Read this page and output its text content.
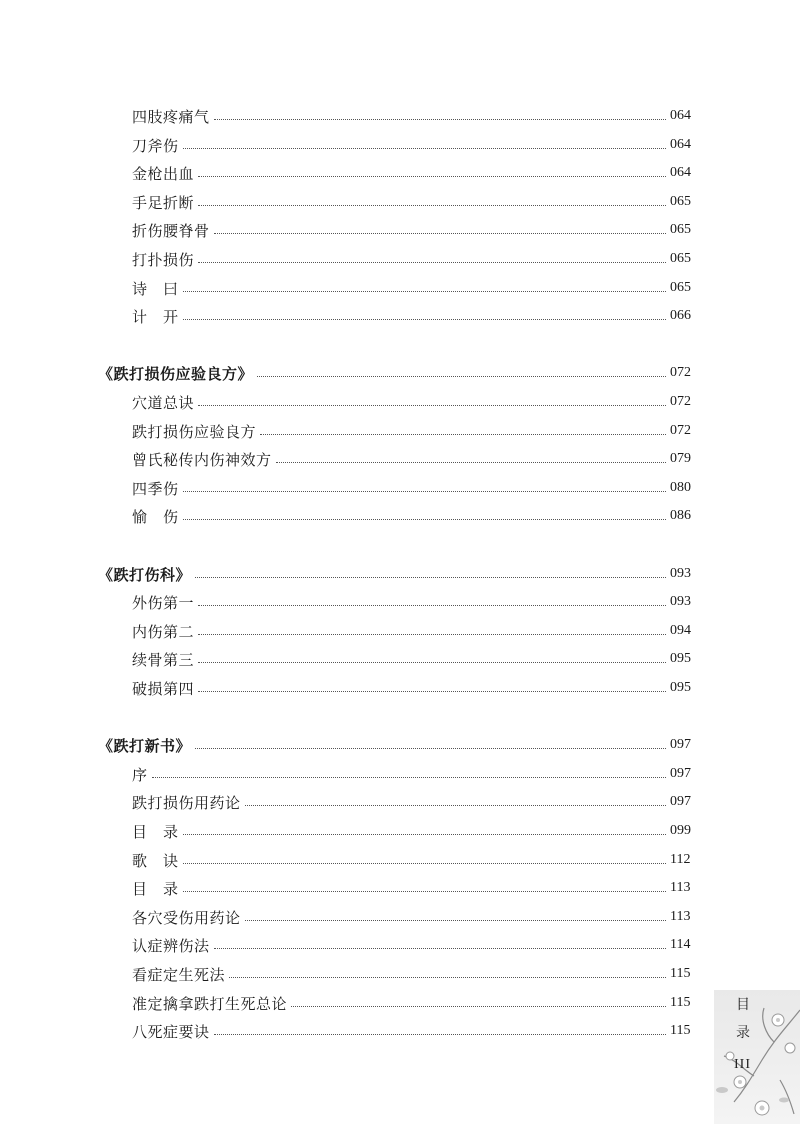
四肢疼痛气	064
刀斧伤	064
金枪出血	064
手足折断	065
折伤腰脊骨	065
打扑损伤	065
诗　曰	065
计　开	066
《跌打损伤应验良方》	072
穴道总诀	072
跌打损伤应验良方	072
曾氏秘传内伤神效方	079
四季伤	080
愉　伤	086
《跌打伤科》	093
外伤第一	093
内伤第二	094
续骨第三	095
破损第四	095
《跌打新书》	097
序	097
跌打损伤用药论	097
目　录	099
歌　诀	112
目　录	113
各穴受伤用药论	113
认症辨伤法	114
看症定生死法	115
准定擒拿跌打生死总论	115
八死症要诀	115
目
录
III
